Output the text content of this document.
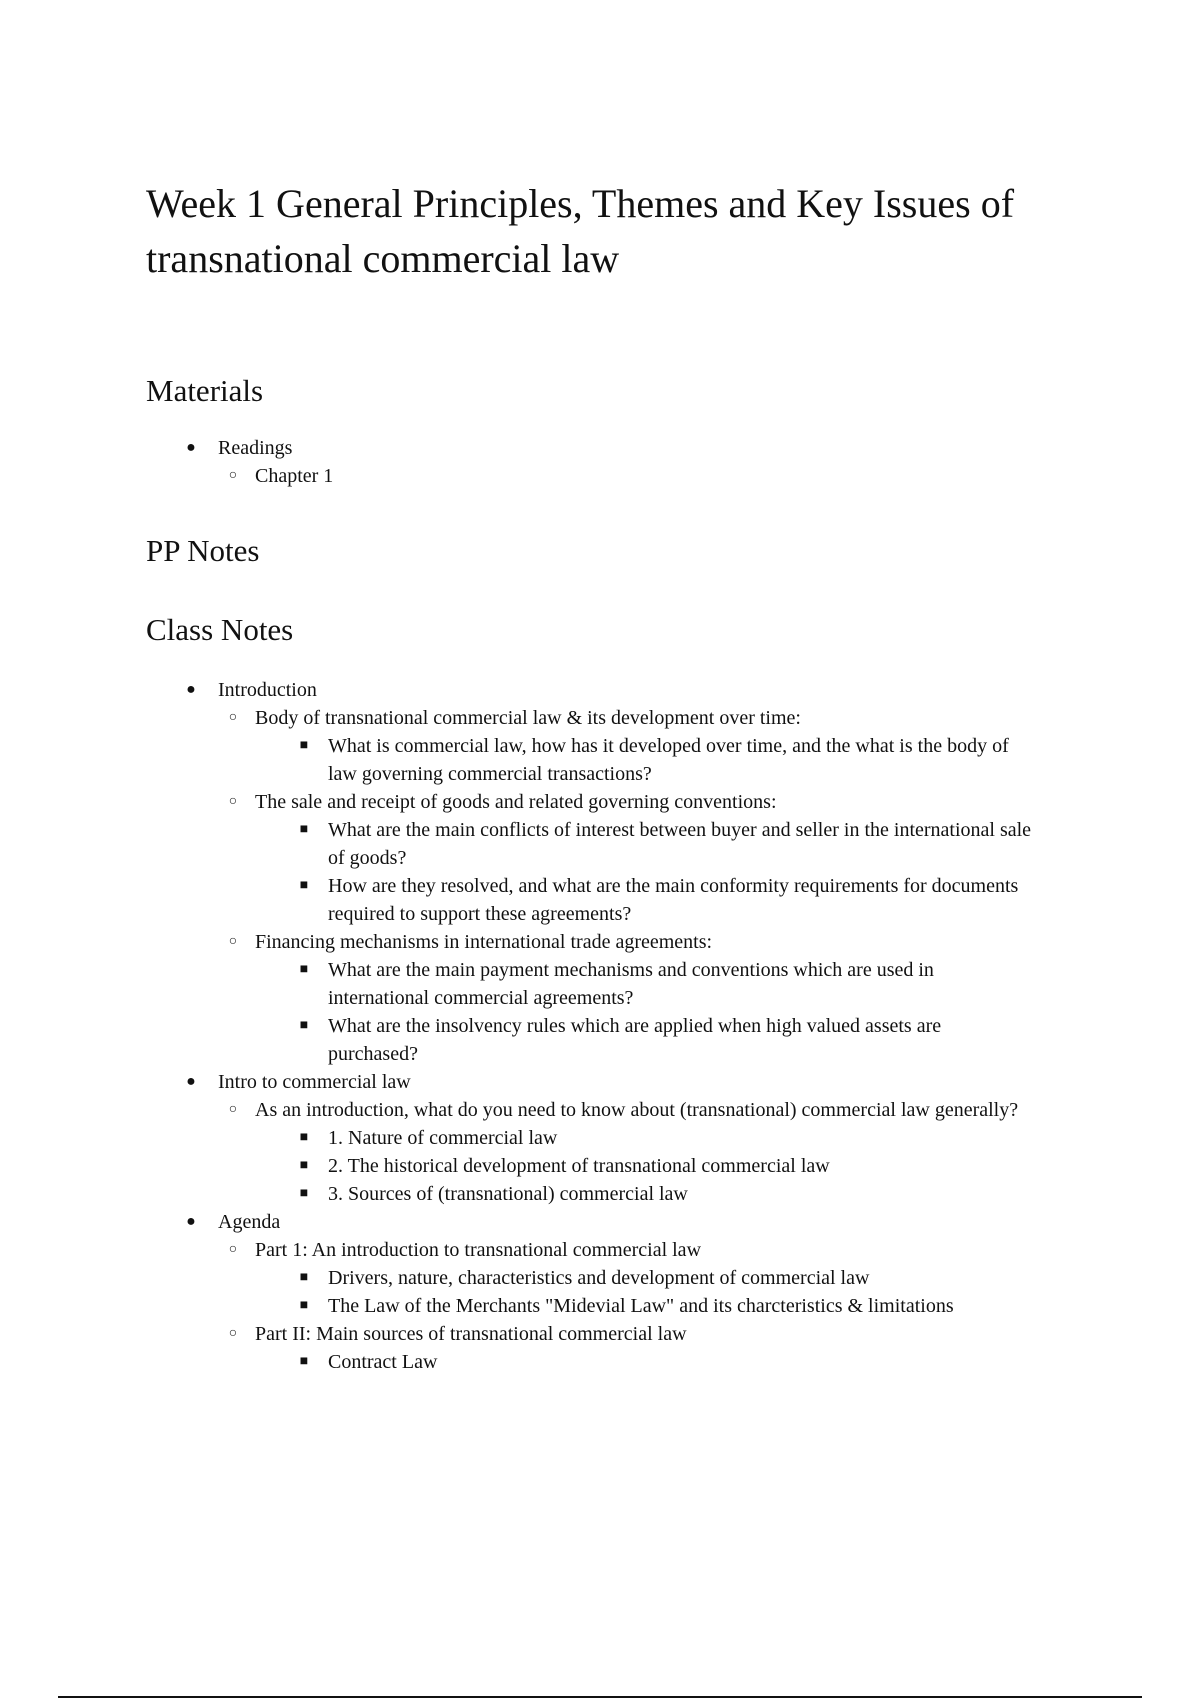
Week 1 General Principles, Themes and Key Issues of transnational commercial law
Materials
● Readings
○ Chapter 1
PP Notes
Class Notes
● Introduction
○ Body of transnational commercial law & its development over time:
■ What is commercial law, how has it developed over time, and the what is the body of law governing commercial transactions?
○ The sale and receipt of goods and related governing conventions:
■ What are the main conflicts of interest between buyer and seller in the international sale of goods?
■ How are they resolved, and what are the main conformity requirements for documents required to support these agreements?
○ Financing mechanisms in international trade agreements:
■ What are the main payment mechanisms and conventions which are used in international commercial agreements?
■ What are the insolvency rules which are applied when high valued assets are purchased?
● Intro to commercial law
○ As an introduction, what do you need to know about (transnational) commercial law generally?
■ 1. Nature of commercial law
■ 2. The historical development of transnational commercial law
■ 3. Sources of (transnational) commercial law
● Agenda
○ Part 1: An introduction to transnational commercial law
■ Drivers, nature, characteristics and development of commercial law
■ The Law of the Merchants "Midevial Law" and its charcteristics & limitations
○ Part II: Main sources of transnational commercial law
■ Contract Law
